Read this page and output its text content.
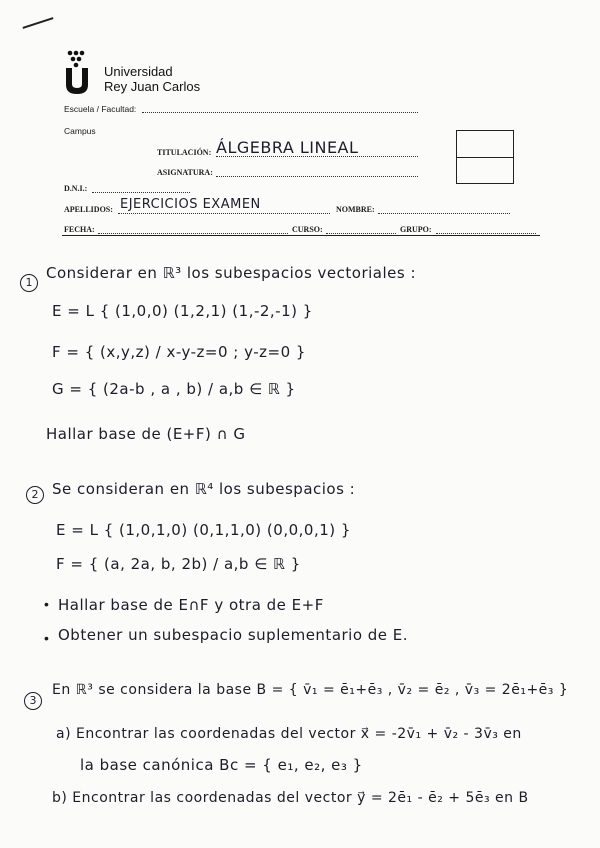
Universidad
Rey Juan Carlos
Escuela / Facultad:
Campus
TITULACIÓN: ÁLGEBRA LINEAL
ASIGNATURA:
D.N.I.:
APELLIDOS: EJERCICIOS EXAMEN	NOMBRE:
FECHA:	CURSO:	GRUPO:
1
Considerar en ℝ³ los subespacios vectoriales :
E = L { (1,0,0) (1,2,1) (1,-2,-1) }
F = { (x,y,z) / x-y-z=0 ; y-z=0 }
G = { (2a-b , a , b) / a,b ∈ ℝ }
Hallar base de (E+F) ∩ G
2 Se consideran en ℝ⁴ los subespacios :
E = L { (1,0,1,0) (0,1,1,0) (0,0,0,1) }
F = { (a, 2a, b, 2b) / a,b ∈ ℝ }
• Hallar base de E∩F y otra de E+F
• Obtener un subespacio suplementario de E.
3
En ℝ³ se considera la base B = { v̄₁ = ē₁+ē₃ , v̄₂ = ē₂ , v̄₃ = 2ē₁+ē₃ }
a) Encontrar las coordenadas del vector x⃗ = -2v̄₁ + v̄₂ - 3v̄₃ en
la base canónica Bc = { e₁, e₂, e₃ }
b) Encontrar las coordenadas del vector y⃗ = 2ē₁ - ē₂ + 5ē₃ en B
